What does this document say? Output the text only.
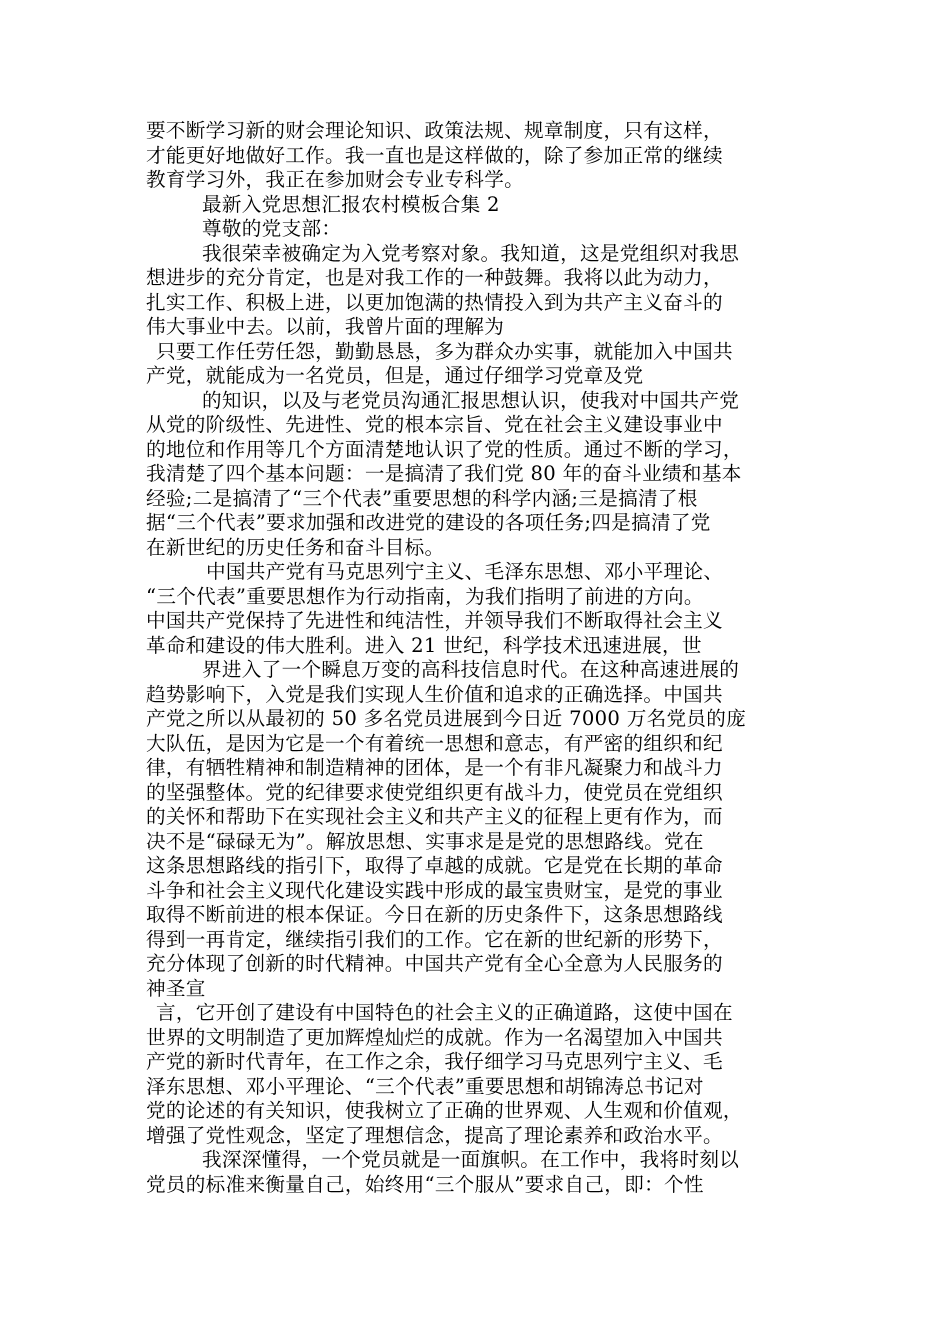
要不断学习新的财会理论知识、政策法规、规章制度，只有这样，
才能更好地做好工作。我一直也是这样做的，除了参加正常的继续
教育学习外，我正在参加财会专业专科学。
最新入党思想汇报农村模板合集 2
尊敬的党支部：
我很荣幸被确定为入党考察对象。我知道，这是党组织对我思
想进步的充分肯定，也是对我工作的一种鼓舞。我将以此为动力，
扎实工作、积极上进，以更加饱满的热情投入到为共产主义奋斗的
伟大事业中去。以前，我曾片面的理解为
只要工作任劳任怨，勤勤恳恳，多为群众办实事，就能加入中国共
产党，就能成为一名党员，但是，通过仔细学习党章及党
的知识，以及与老党员沟通汇报思想认识，使我对中国共产党
从党的阶级性、先进性、党的根本宗旨、党在社会主义建设事业中
的地位和作用等几个方面清楚地认识了党的性质。通过不断的学习，
我清楚了四个基本问题：一是搞清了我们党 80 年的奋斗业绩和基本
经验;二是搞清了“三个代表”重要思想的科学内涵;三是搞清了根
据“三个代表”要求加强和改进党的建设的各项任务;四是搞清了党
在新世纪的历史任务和奋斗目标。
中国共产党有马克思列宁主义、毛泽东思想、邓小平理论、
“三个代表”重要思想作为行动指南，为我们指明了前进的方向。
中国共产党保持了先进性和纯洁性，并领导我们不断取得社会主义
革命和建设的伟大胜利。进入 21 世纪，科学技术迅速进展，世
界进入了一个瞬息万变的高科技信息时代。在这种高速进展的
趋势影响下，入党是我们实现人生价值和追求的正确选择。中国共
产党之所以从最初的 50 多名党员进展到今日近 7000 万名党员的庞
大队伍，是因为它是一个有着统一思想和意志，有严密的组织和纪
律，有牺牲精神和制造精神的团体，是一个有非凡凝聚力和战斗力
的坚强整体。党的纪律要求使党组织更有战斗力，使党员在党组织
的关怀和帮助下在实现社会主义和共产主义的征程上更有作为，而
决不是“碌碌无为”。解放思想、实事求是是党的思想路线。党在
这条思想路线的指引下，取得了卓越的成就。它是党在长期的革命
斗争和社会主义现代化建设实践中形成的最宝贵财宝，是党的事业
取得不断前进的根本保证。今日在新的历史条件下，这条思想路线
得到一再肯定，继续指引我们的工作。它在新的世纪新的形势下，
充分体现了创新的时代精神。中国共产党有全心全意为人民服务的
神圣宣
言，它开创了建设有中国特色的社会主义的正确道路，这使中国在
世界的文明制造了更加辉煌灿烂的成就。作为一名渴望加入中国共
产党的新时代青年，在工作之余，我仔细学习马克思列宁主义、毛
泽东思想、邓小平理论、“三个代表”重要思想和胡锦涛总书记对
党的论述的有关知识，使我树立了正确的世界观、人生观和价值观，
增强了党性观念，坚定了理想信念，提高了理论素养和政治水平。
我深深懂得，一个党员就是一面旗帜。在工作中，我将时刻以
党员的标准来衡量自己，始终用“三个服从”要求自己，即：个性
